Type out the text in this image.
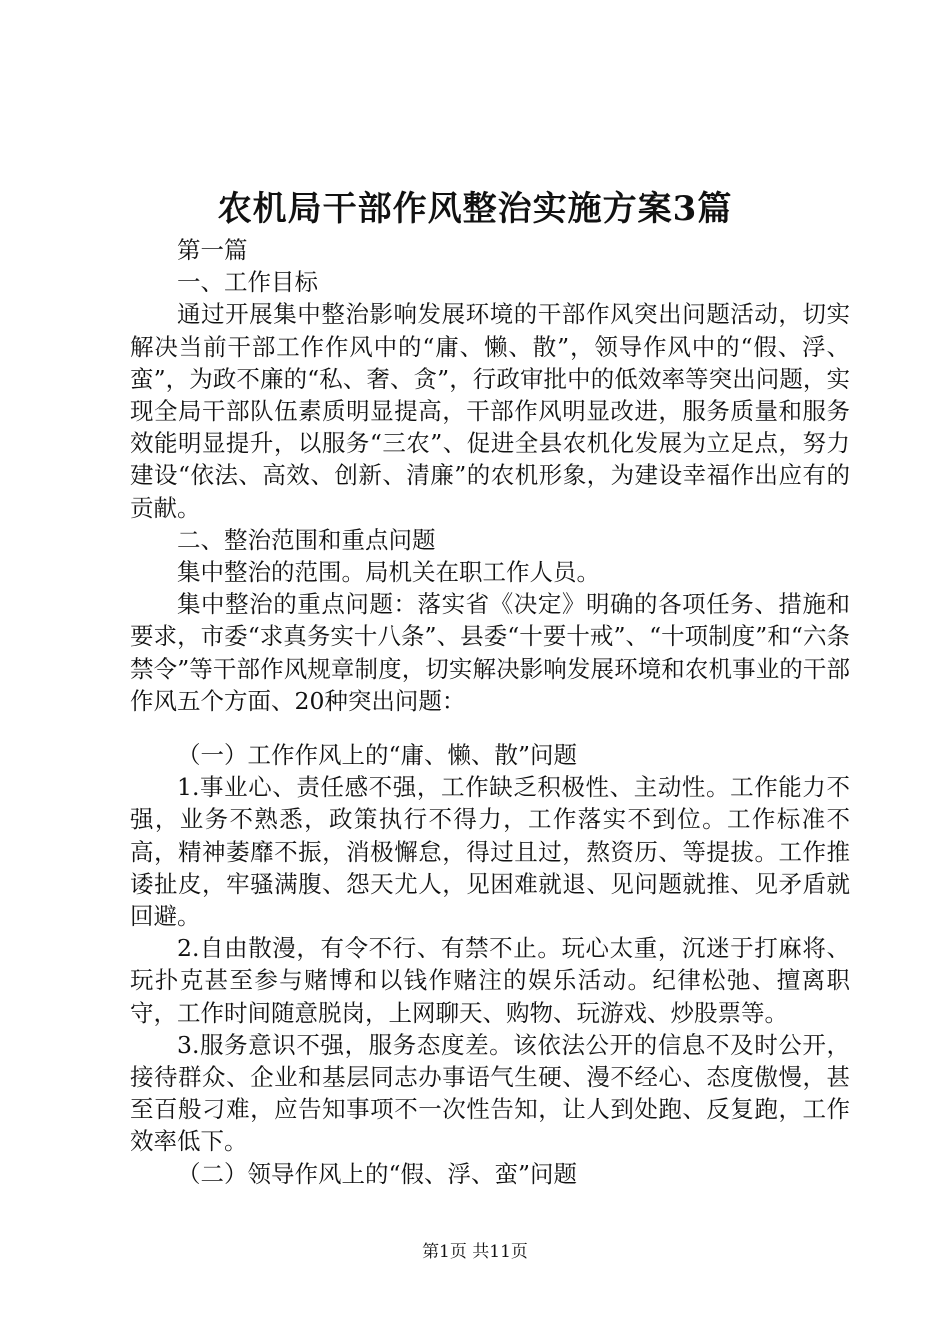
农机局干部作风整治实施方案3篇

第一篇

一、工作目标

通过开展集中整治影响发展环境的干部作风突出问题活动，切实解决当前干部工作作风中的“庸、懒、散”，领导作风中的“假、浮、蛮”，为政不廉的“私、奢、贪”，行政审批中的低效率等突出问题，实现全局干部队伍素质明显提高，干部作风明显改进，服务质量和服务效能明显提升，以服务“三农”、促进全县农机化发展为立足点，努力建设“依法、高效、创新、清廉”的农机形象，为建设幸福作出应有的贡献。

二、整治范围和重点问题

集中整治的范围。局机关在职工作人员。

集中整治的重点问题：落实省《决定》明确的各项任务、措施和要求，市委“求真务实十八条”、县委“十要十戒”、“十项制度”和“六条禁令”等干部作风规章制度，切实解决影响发展环境和农机事业的干部作风五个方面、20种突出问题：

（一）工作作风上的“庸、懒、散”问题

1.事业心、责任感不强，工作缺乏积极性、主动性。工作能力不强，业务不熟悉，政策执行不得力，工作落实不到位。工作标准不高，精神萎靡不振，消极懈怠，得过且过，熬资历、等提拔。工作推诿扯皮，牢骚满腹、怨天尤人，见困难就退、见问题就推、见矛盾就回避。

2.自由散漫，有令不行、有禁不止。玩心太重，沉迷于打麻将、玩扑克甚至参与赌博和以钱作赌注的娱乐活动。纪律松弛、擅离职守，工作时间随意脱岗，上网聊天、购物、玩游戏、炒股票等。

3.服务意识不强，服务态度差。该依法公开的信息不及时公开，接待群众、企业和基层同志办事语气生硬、漫不经心、态度傲慢，甚至百般刁难，应告知事项不一次性告知，让人到处跑、反复跑，工作效率低下。

（二）领导作风上的“假、浮、蛮”问题

第1页 共11页
